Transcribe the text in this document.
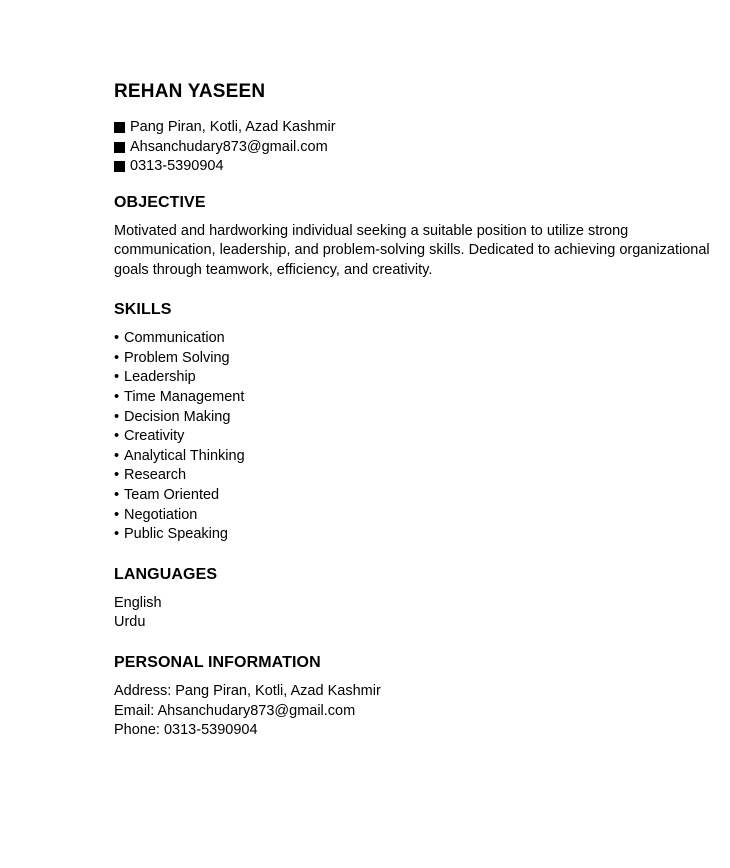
REHAN YASEEN
Pang Piran, Kotli, Azad Kashmir
Ahsanchudary873@gmail.com
0313-5390904
OBJECTIVE

Motivated and hardworking individual seeking a suitable position to utilize strong communication, leadership, and problem-solving skills. Dedicated to achieving organizational goals through teamwork, efficiency, and creativity.

SKILLS
• Communication
• Problem Solving
• Leadership
• Time Management
• Decision Making
• Creativity
• Analytical Thinking
• Research
• Team Oriented
• Negotiation
• Public Speaking
LANGUAGES
English
Urdu
PERSONAL INFORMATION
Address: Pang Piran, Kotli, Azad Kashmir
Email: Ahsanchudary873@gmail.com
Phone: 0313-5390904
